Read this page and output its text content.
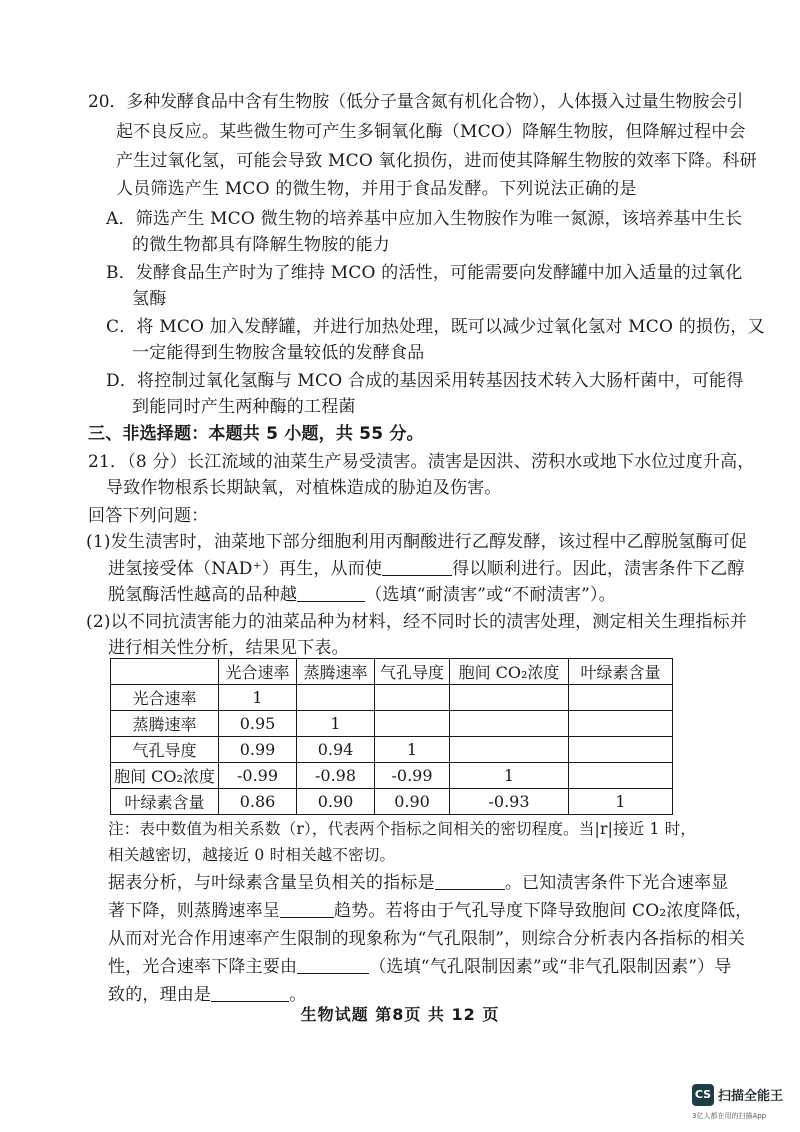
20．多种发酵食品中含有生物胺（低分子量含氮有机化合物），人体摄入过量生物胺会引
起不良反应。某些微生物可产生多铜氧化酶（MCO）降解生物胺，但降解过程中会
产生过氧化氢，可能会导致 MCO 氧化损伤，进而使其降解生物胺的效率下降。科研
人员筛选产生 MCO 的微生物，并用于食品发酵。下列说法正确的是
A．筛选产生 MCO 微生物的培养基中应加入生物胺作为唯一氮源，该培养基中生长
的微生物都具有降解生物胺的能力
B．发酵食品生产时为了维持 MCO 的活性，可能需要向发酵罐中加入适量的过氧化
氢酶
C．将 MCO 加入发酵罐，并进行加热处理，既可以减少过氧化氢对 MCO 的损伤，又
一定能得到生物胺含量较低的发酵食品
D．将控制过氧化氢酶与 MCO 合成的基因采用转基因技术转入大肠杆菌中，可能得
到能同时产生两种酶的工程菌
三、非选择题：本题共 5 小题，共 55 分。
21．（8 分）长江流域的油菜生产易受渍害。渍害是因洪、涝积水或地下水位过度升高，
导致作物根系长期缺氧，对植株造成的胁迫及伤害。
回答下列问题：
(1)发生渍害时，油菜地下部分细胞利用丙酮酸进行乙醇发酵，该过程中乙醇脱氢酶可促
进氢接受体（NAD⁺）再生，从而使	得以顺利进行。因此，渍害条件下乙醇
脱氢酶活性越高的品种越	（选填“耐渍害”或“不耐渍害”）。
(2)以不同抗渍害能力的油菜品种为材料，经不同时长的渍害处理，测定相关生理指标并
进行相关性分析，结果见下表。
	光合速率	蒸腾速率	气孔导度	胞间 CO₂浓度	叶绿素含量
光合速率	1				
蒸腾速率	0.95	1			
气孔导度	0.99	0.94	1		
胞间 CO₂浓度	-0.99	-0.98	-0.99	1	
叶绿素含量	0.86	0.90	0.90	-0.93	1
注：表中数值为相关系数（r），代表两个指标之间相关的密切程度。当|r|接近 1 时，
相关越密切，越接近 0 时相关越不密切。
据表分析，与叶绿素含量呈负相关的指标是	。已知渍害条件下光合速率显
著下降，则蒸腾速率呈	趋势。若将由于气孔导度下降导致胞间 CO₂浓度降低，
从而对光合作用速率产生限制的现象称为“气孔限制”，则综合分析表内各指标的相关
性，光合速率下降主要由	（选填“气孔限制因素”或“非气孔限制因素”）导
致的，理由是	。
生物试题 第8页 共 12 页
CS 扫描全能王
3亿人都在用的扫描App
